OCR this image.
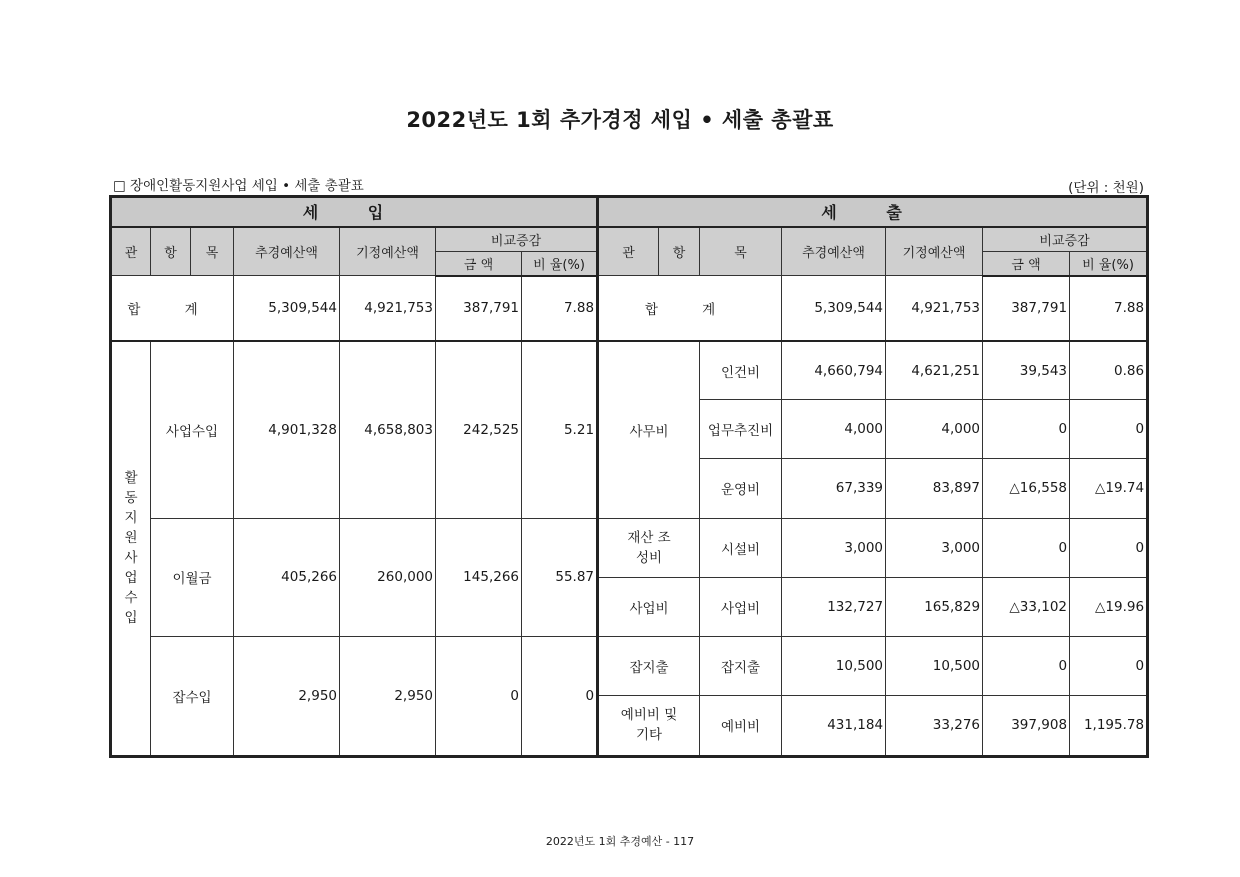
2022년도 1회 추가경정 세입 • 세출 총괄표
□ 장애인활동지원사업 세입 • 세출 총괄표	(단위 : 천원)
세 입							세 출						
관	항	목	추경예산액	기정예산액	비교증감		관	항	목	추경예산액	기정예산액	비교증감	
					금 액	비 율(%)						금 액	비 율(%)
합 계			5,309,544	4,921,753	387,791	7.88	합 계			5,309,544	4,921,753	387,791	7.88

활동지원사업수입	사업수입		4,901,328	4,658,803	242,525	5.21	사무비		인건비	4,660,794	4,621,251	39,543	0.86
									업무추진비	4,000	4,000	0	0
									운영비	67,339	83,897	△16,558	△19.74
	이월금		405,266	260,000	145,266	55.87	재산 조성비		시설비	3,000	3,000	0	0
							사업비		사업비	132,727	165,829	△33,102	△19.96
	잡수입		2,950	2,950	0	0	잡지출		잡지출	10,500	10,500	0	0
							예비비 및 기타		예비비	431,184	33,276	397,908	1,195.78
2022년도 1회 추경예산 - 117
